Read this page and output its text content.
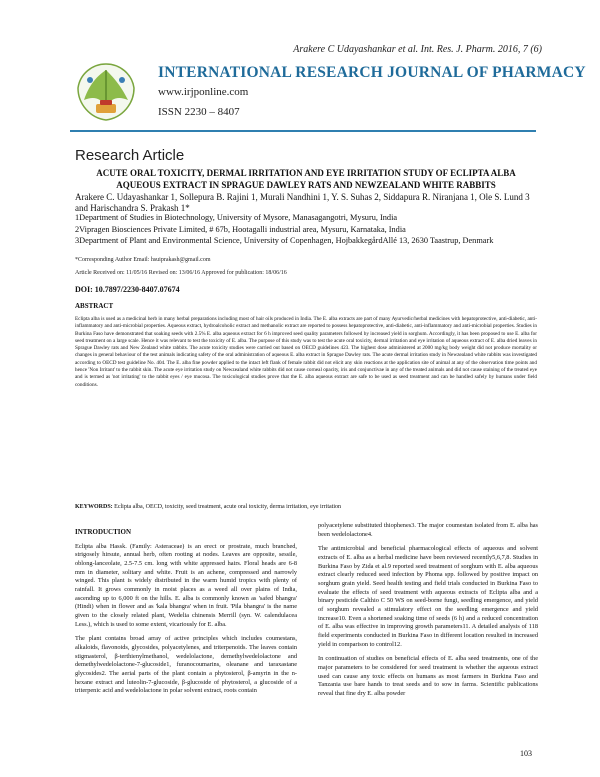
Arakere C Udayashankar et al. Int. Res. J. Pharm. 2016, 7 (6)
INTERNATIONAL RESEARCH JOURNAL OF PHARMACY
www.irjponline.com
ISSN 2230 – 8407
Research Article
ACUTE ORAL TOXICITY, DERMAL IRRITATION AND EYE IRRITATION STUDY OF ECLIPTA ALBA AQUEOUS EXTRACT IN SPRAGUE DAWLEY RATS AND NEWZEALAND WHITE RABBITS
Arakere C. Udayashankar 1, Sollepura B. Rajini 1, Murali Nandhini 1, Y. S. Suhas 2, Siddapura R. Niranjana 1, Ole S. Lund 3 and Harischandra S. Prakash 1*
1Department of Studies in Biotechnology, University of Mysore, Manasagangotri, Mysuru, India
2Vipragen Biosciences Private Limited, # 67b, Hootagalli industrial area, Mysuru, Karnataka, India
3Department of Plant and Environmental Science, University of Copenhagen, HojbakkegårdAllé 13, 2630 Taastrup, Denmark
*Corresponding Author Email: hsuiprakash@gmail.com
Article Received on: 11/05/16 Revised on: 13/06/16 Approved for publication: 18/06/16
DOI: 10.7897/2230-8407.07674
ABSTRACT
Eclipta alba is used as a medicinal herb in many herbal preparations including most of hair oils produced in India. The E. alba extracts are part of many Ayurvedic/herbal medicines with hepatoprotective, anti-diabetic, anti-inflammatory and anti-microbial properties. Aqueous extract, hydroalcoholic extract and methanolic extract are reported to possess hepatoprotective, anti-diabetic, anti-inflammatory and anti-microbial properties. Studies in Burkina Faso have demonstrated that soaking seeds with 2.5% E. alba aqueous extract for 6 h improved seed quality parameters followed by increased yield in sorghum. Accordingly, it has been proposed to use E. alba for seed treatment on a large scale. Hence it was relevant to test the toxicity of E. alba. The purpose of this study was to test the acute oral toxicity, dermal irritation and eye irritation of aqueous extract of E. alba dried leaves in Sprague Dawley rats and New Zealand white rabbits. The acute toxicity studies were carried out based on OECD guidelines 423. The highest dose administered at 2000 mg/kg body weight did not produce mortality or changes in general behaviour of the test animals indicating safety of the oral administration of aqueous E. alba extract in Sprague Dawley rats. The acute dermal irritation study in Newzealand white rabbits was investigated according to OECD test guideline No. 404. The E. alba fine powder applied to the intact left flank of female rabbit did not elicit any skin reactions at the application site of animal at any of the observation time points and hence 'Non Irritant' to the rabbit skin. The acute eye irritation study on Newzealand white rabbits did not cause corneal opacity, iris and conjunctivae in any of the treated animals and did not cause staining of the treated eye and is termed as 'not irritating' to the rabbit eyes / eye mucosa. The toxicological studies prove that the E. alba aqueous extract are safe to be used as seed treatment and can be handled safely by humans under field conditions.
KEYWORDS: Eclipta alba, OECD, toxicity, seed treatment, acute oral toxicity, derma irritation, eye irritation
INTRODUCTION

Eclipta alba Hassk. (Family: Asteraceae) is an erect or prostrate, much branched, strigosely hirsute, annual herb, often rooting at nodes. Leaves are opposite, sessile, oblong-lanceolate, 2.5-7.5 cm. long with white appressed hairs. Floral heads are 6-8 mm in diameter, solitary and white. Fruit is an achene, compressed and narrowly winged. This plant is widely distributed in the warm humid tropics with plenty of rainfall. It grows commonly in moist places as a weed all over plains of India, ascending up to 6,000 ft on the hills. E. alba is commonly known as 'safed bhangra' (Hindi) when in flower and as 'kala bhangra' when in fruit. 'Pila bhangra' is the name given to the closely related plant, Wedelia chinensis Merrill (syn. W. calendulacea Less.), which is used to some extent, vicariously for E. alba.

The plant contains broad array of active principles which includes coumestans, alkaloids, flavonoids, glycosides, polyacetylenes, and triterpenoids. The leaves contain stigmasterol, β-terthienylmethanol, wedelolactone, demethylwedelolactone and demethylwedelolactone-7-glucoside1, furanocoumarins, oleanane and taraxastane glycosides2. The aerial parts of the plant contain a phytosterol, β-amyrin in the n-hexane extract and luteolin-7-glucoside, β-glucoside of phytosterol, a glucoside of a triterpenic acid and wedelolactone in polar solvent extract, roots contain

polyacetylene substituted thiophenes3. The major coumestan isolated from E. alba has been wedelolactone4.

The antimicrobial and beneficial pharmacological effects of aqueous and solvent extracts of E. alba as a herbal medicine have been reviewed recently5,6,7,8. Studies in Burkina Faso by Zida et al.9 reported seed treatment of sorghum with E. alba aqueous extract clearly reduced seed infection by Phoma spp. followed by positive impact on sorghum grain yield. Seed health testing and field trials conducted in Burkina Faso to evaluate the effects of seed treatment with aqueous extracts of Eclipta alba and a binary pesticide Calthio C 50 WS on seed-borne fungi, seedling emergence, and yield of sorghum revealed a stimulatory effect on the seedling emergence and yield increase10. Even a shortened soaking time of seeds (6 h) and a reduced concentration of E. alba was effective in improving growth parameters11. A detailed analysis of 118 field experiments conducted in Burkina Faso in different location resulted in increased yield in comparison to control12.

In continuation of studies on beneficial effects of E. alba seed treatments, one of the major parameters to be considered for seed treatment is whether the aqueous extract used can cause any toxic effects on humans as most farmers in Burkina Faso and Tanzania use bare hands to treat seeds and to sow in farms. Scientific publications reveal that fine dry E. alba powder

103
